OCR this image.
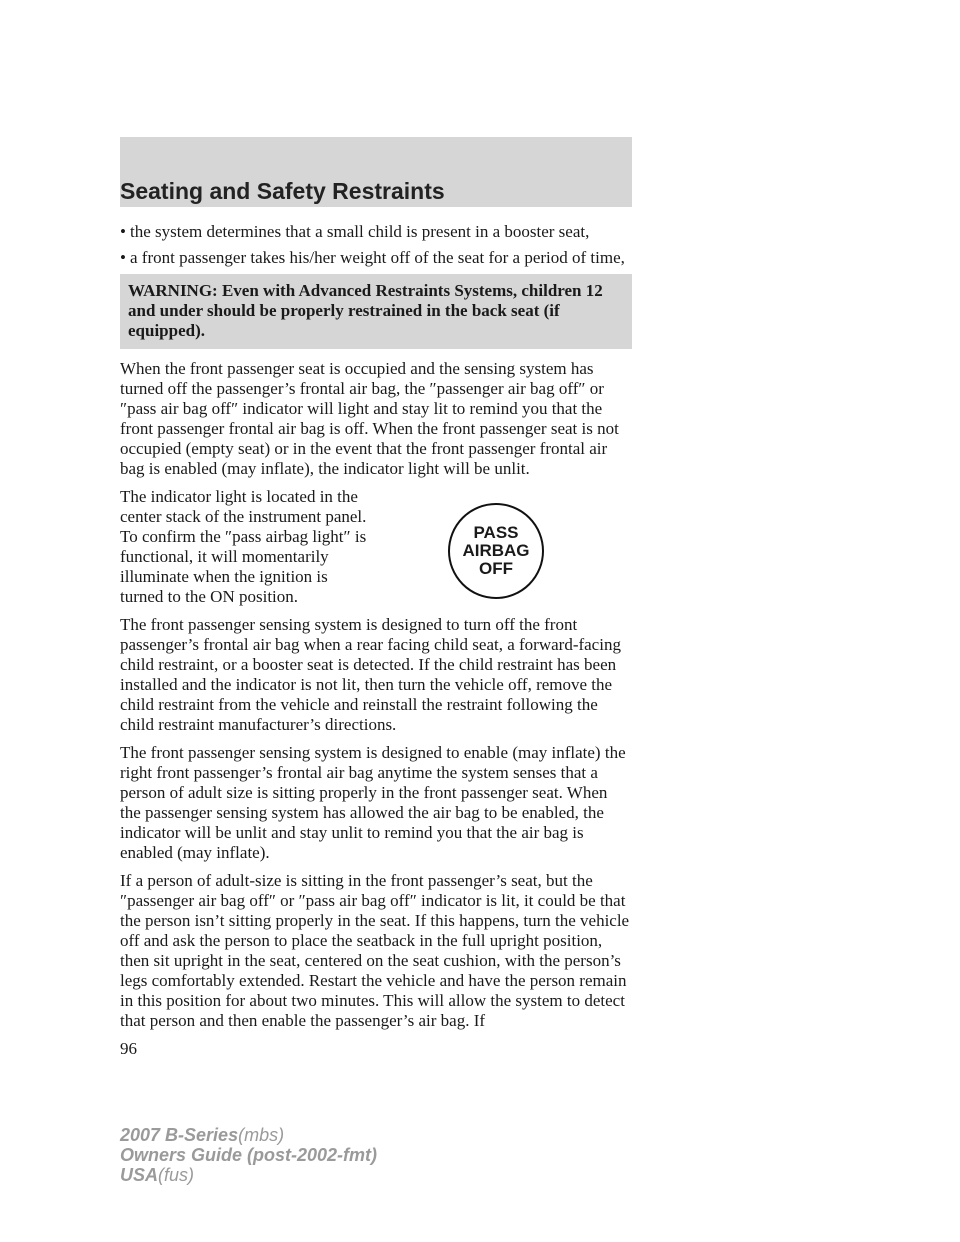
Seating and Safety Restraints
• the system determines that a small child is present in a booster seat,
• a front passenger takes his/her weight off of the seat for a period of time,
WARNING: Even with Advanced Restraints Systems, children 12 and under should be properly restrained in the back seat (if equipped).

When the front passenger seat is occupied and the sensing system has turned off the passenger’s frontal air bag, the ″passenger air bag off″ or ″pass air bag off″ indicator will light and stay lit to remind you that the front passenger frontal air bag is off. When the front passenger seat is not occupied (empty seat) or in the event that the front passenger frontal air bag is enabled (may inflate), the indicator light will be unlit.

The indicator light is located in the center stack of the instrument panel. To confirm the ″pass airbag light″ is functional, it will momentarily illuminate when the ignition is turned to the ON position.

PASS
AIRBAG
OFF

The front passenger sensing system is designed to turn off the front passenger’s frontal air bag when a rear facing child seat, a forward-facing child restraint, or a booster seat is detected. If the child restraint has been installed and the indicator is not lit, then turn the vehicle off, remove the child restraint from the vehicle and reinstall the restraint following the child restraint manufacturer’s directions.

The front passenger sensing system is designed to enable (may inflate) the right front passenger’s frontal air bag anytime the system senses that a person of adult size is sitting properly in the front passenger seat. When the passenger sensing system has allowed the air bag to be enabled, the indicator will be unlit and stay unlit to remind you that the air bag is enabled (may inflate).

If a person of adult-size is sitting in the front passenger’s seat, but the ″passenger air bag off″ or ″pass air bag off″ indicator is lit, it could be that the person isn’t sitting properly in the seat. If this happens, turn the vehicle off and ask the person to place the seatback in the full upright position, then sit upright in the seat, centered on the seat cushion, with the person’s legs comfortably extended. Restart the vehicle and have the person remain in this position for about two minutes. This will allow the system to detect that person and then enable the passenger’s air bag. If

96
2007 B-Series(mbs)
Owners Guide (post-2002-fmt)
USA(fus)
